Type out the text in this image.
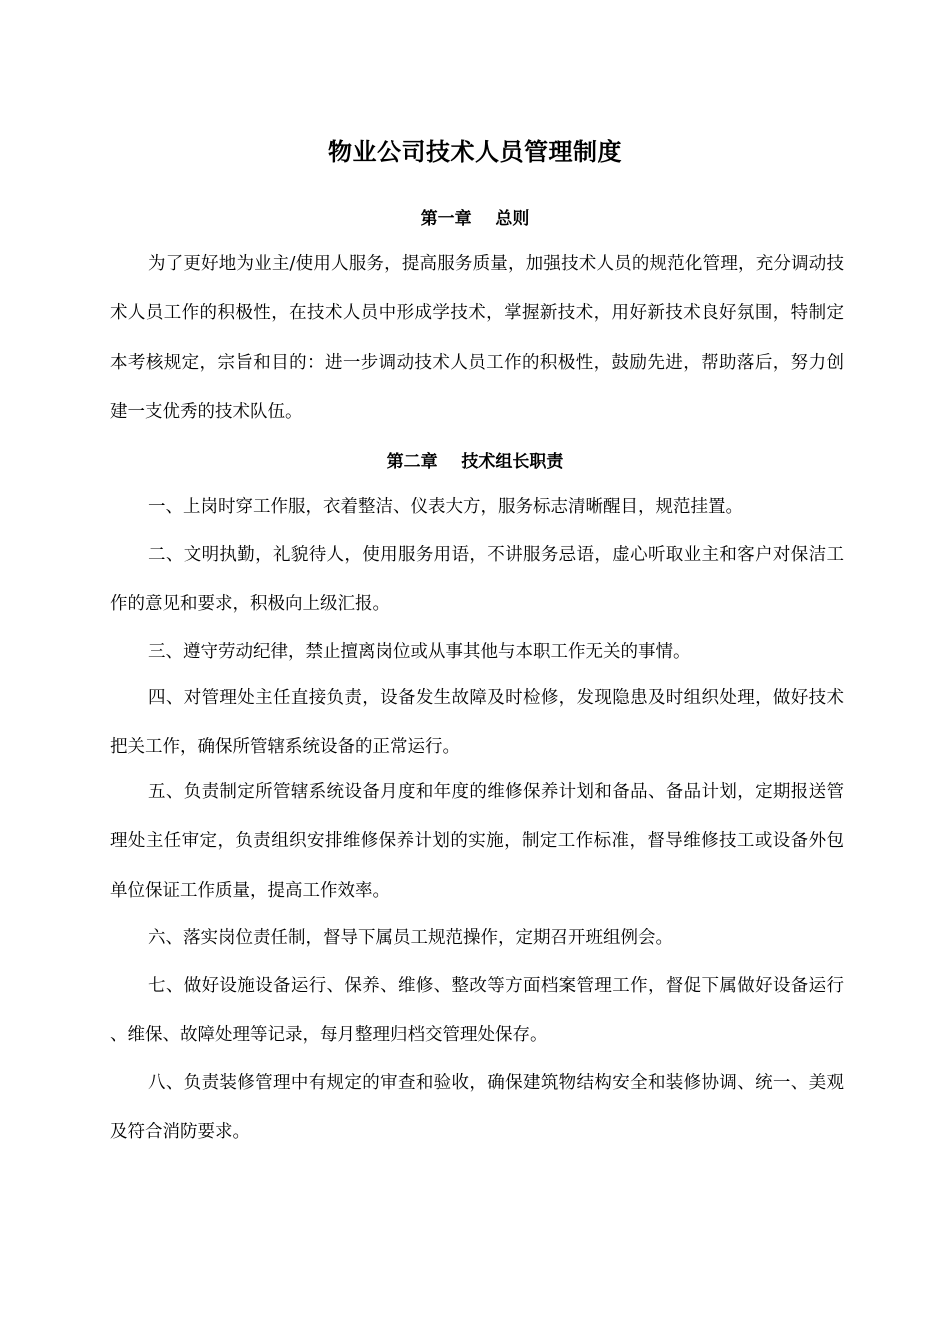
物业公司技术人员管理制度
第一章    总则
为了更好地为业主/使用人服务，提高服务质量，加强技术人员的规范化管理，充分调动技术人员工作的积极性，在技术人员中形成学技术，掌握新技术，用好新技术良好氛围，特制定本考核规定，宗旨和目的：进一步调动技术人员工作的积极性，鼓励先进，帮助落后，努力创建一支优秀的技术队伍。
第二章    技术组长职责
一、上岗时穿工作服，衣着整洁、仪表大方，服务标志清晰醒目，规范挂置。
二、文明执勤，礼貌待人，使用服务用语，不讲服务忌语，虚心听取业主和客户对保洁工作的意见和要求，积极向上级汇报。
三、遵守劳动纪律，禁止擅离岗位或从事其他与本职工作无关的事情。
四、对管理处主任直接负责，设备发生故障及时检修，发现隐患及时组织处理，做好技术把关工作，确保所管辖系统设备的正常运行。
五、负责制定所管辖系统设备月度和年度的维修保养计划和备品、备品计划，定期报送管理处主任审定，负责组织安排维修保养计划的实施，制定工作标准，督导维修技工或设备外包单位保证工作质量，提高工作效率。
六、落实岗位责任制，督导下属员工规范操作，定期召开班组例会。
七、做好设施设备运行、保养、维修、整改等方面档案管理工作，督促下属做好设备运行、维保、故障处理等记录，每月整理归档交管理处保存。
八、负责装修管理中有规定的审查和验收，确保建筑物结构安全和装修协调、统一、美观及符合消防要求。
